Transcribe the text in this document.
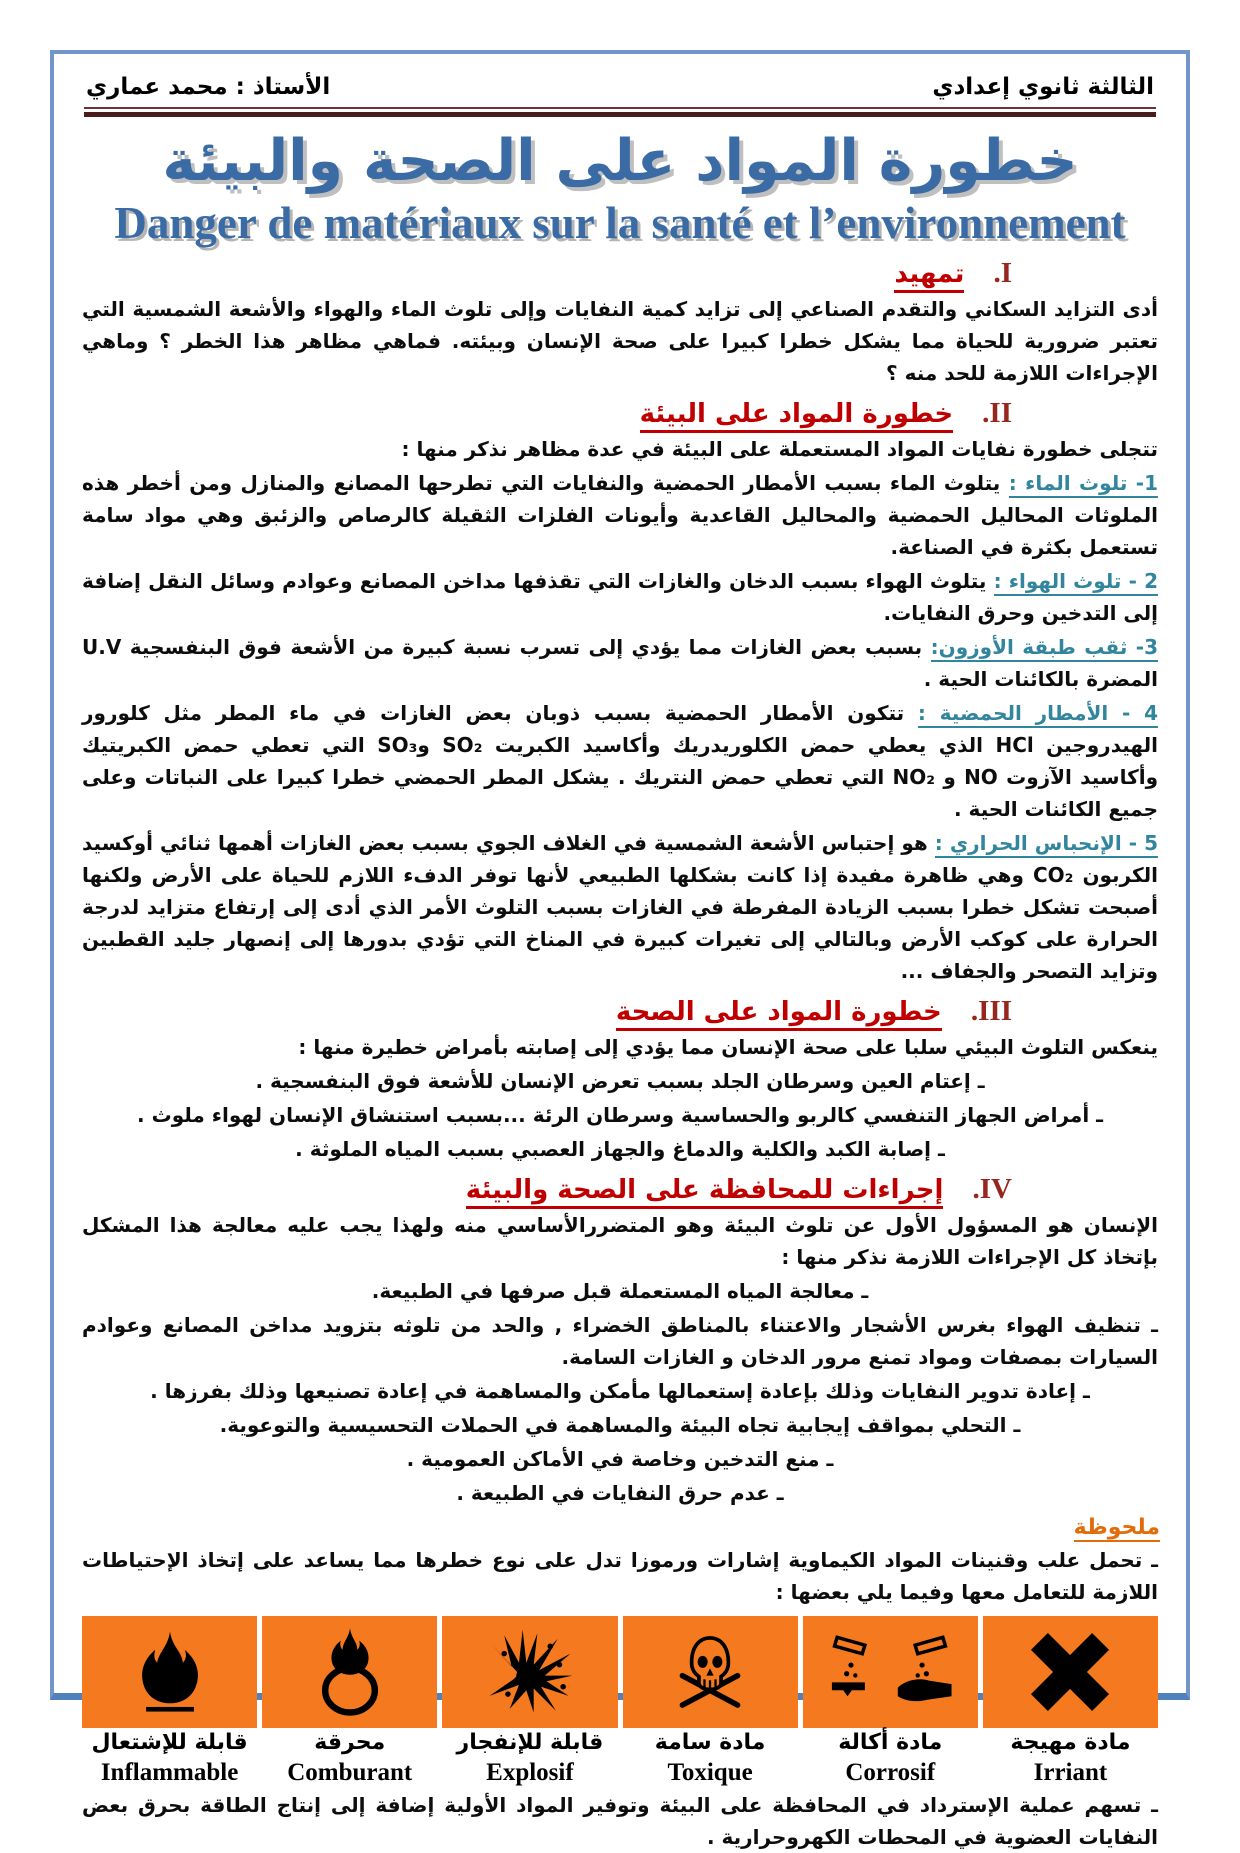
الثالثة ثانوي إعدادي
الأستاذ : محمد عماري
خطورة المواد على الصحة والبيئة
Danger de matériaux sur la santé et l’environnement
I. تمهيد

أدى التزايد السكاني والتقدم الصناعي إلى تزايد كمية النفايات وإلى تلوث الماء والهواء والأشعة الشمسية التي تعتبر ضرورية للحياة مما يشكل خطرا كبيرا على صحة الإنسان وبيئته. فماهي مظاهر هذا الخطر ؟ وماهي الإجراءات اللازمة للحد منه ؟

II. خطورة المواد على البيئة

تتجلى خطورة نفايات المواد المستعملة على البيئة في عدة مظاهر نذكر منها :

1- تلوث الماء : يتلوث الماء بسبب الأمطار الحمضية والنفايات التي تطرحها المصانع والمنازل ومن أخطر هذه الملوثات المحاليل الحمضية والمحاليل القاعدية وأيونات الفلزات الثقيلة كالرصاص والزئبق وهي مواد سامة تستعمل بكثرة في الصناعة.

2 - تلوث الهواء : يتلوث الهواء بسبب الدخان والغازات التي تقذفها مداخن المصانع وعوادم وسائل النقل إضافة إلى التدخين وحرق النفايات.

3- ثقب طبقة الأوزون: بسبب بعض الغازات مما يؤدي إلى تسرب نسبة كبيرة من الأشعة فوق البنفسجية U.V المضرة بالكائنات الحية .

4 - الأمطار الحمضية : تتكون الأمطار الحمضية بسبب ذوبان بعض الغازات في ماء المطر مثل كلورور الهيدروجين HCl الذي يعطي حمض الكلوريدريك وأكاسيد الكبريت SO₂ وSO₃ التي تعطي حمض الكبريتيك وأكاسيد الآزوت NO و NO₂ التي تعطي حمض النتريك . يشكل المطر الحمضي خطرا كبيرا على النباتات وعلى جميع الكائنات الحية .

5 - الإنحباس الحراري : هو إحتباس الأشعة الشمسية في الغلاف الجوي بسبب بعض الغازات أهمها ثنائي أوكسيد الكربون CO₂ وهي ظاهرة مفيدة إذا كانت بشكلها الطبيعي لأنها توفر الدفء اللازم للحياة على الأرض ولكنها أصبحت تشكل خطرا بسبب الزيادة المفرطة في الغازات بسبب التلوث الأمر الذي أدى إلى إرتفاع متزايد لدرجة الحرارة على كوكب الأرض وبالتالي إلى تغيرات كبيرة في المناخ التي تؤدي بدورها إلى إنصهار جليد القطبين وتزايد التصحر والجفاف ...

III. خطورة المواد على الصحة

ينعكس التلوث البيئي سلبا على صحة الإنسان مما يؤدي إلى إصابته بأمراض خطيرة منها :

ـ إعتام العين وسرطان الجلد بسبب تعرض الإنسان للأشعة فوق البنفسجية .

ـ أمراض الجهاز التنفسي كالربو والحساسية وسرطان الرئة ...بسبب استنشاق الإنسان لهواء ملوث .

ـ إصابة الكبد والكلية والدماغ والجهاز العصبي بسبب المياه الملوثة .

IV. إجراءات للمحافظة على الصحة والبيئة

الإنسان هو المسؤول الأول عن تلوث البيئة وهو المتضررالأساسي منه ولهذا يجب عليه معالجة هذا المشكل بإتخاذ كل الإجراءات اللازمة نذكر منها :

ـ معالجة المياه المستعملة قبل صرفها في الطبيعة.

ـ تنظيف الهواء بغرس الأشجار والاعتناء بالمناطق الخضراء , والحد من تلوثه بتزويد مداخن المصانع وعوادم السيارات بمصفات ومواد تمنع مرور الدخان و الغازات السامة.

ـ إعادة تدوير النفايات وذلك بإعادة إستعمالها مأمكن والمساهمة في إعادة تصنيعها وذلك بفرزها .

ـ التحلي بمواقف إيجابية تجاه البيئة والمساهمة في الحملات التحسيسية والتوعوية.

ـ منع التدخين وخاصة في الأماكن العمومية .

ـ عدم حرق النفايات في الطبيعة .

ملحوظة

ـ تحمل علب وقنينات المواد الكيماوية إشارات ورموزا تدل على نوع خطرها مما يساعد على إتخاذ الإحتياطات اللازمة للتعامل معها وفيما يلي بعضها :

قابلة للإشتعال	محرقة	قابلة للإنفجار	مادة سامة	مادة أكالة	مادة مهيجة
Inflammable	Comburant	Explosif	Toxique	Corrosif	Irriant

ـ تسهم عملية الإسترداد في المحافظة على البيئة وتوفير المواد الأولية إضافة إلى إنتاج الطاقة بحرق بعض النفايات العضوية في المحطات الكهروحرارية .
